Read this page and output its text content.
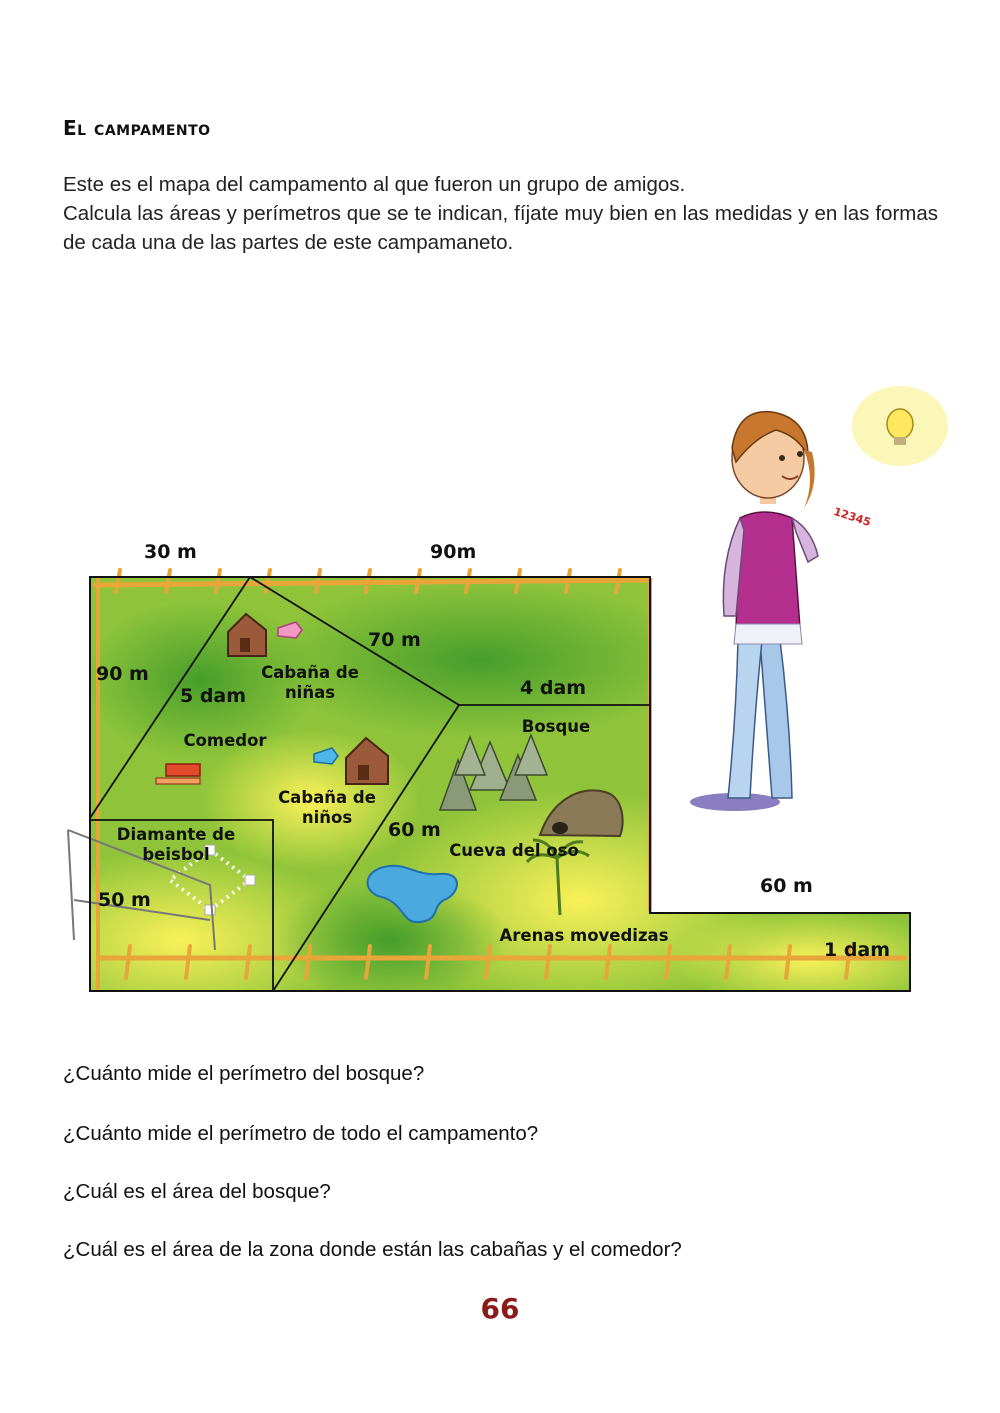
El campamento

Este es el mapa del campamento al que fueron un grupo de amigos.

Calcula las áreas y perímetros que se te indican, fíjate muy bien en las medidas y en las formas de cada una de las partes de este campamaneto.

30 m	90m
90 m
70 m
5 dam	4 dam
60 m
60 m
1 dam
50 m
Cabaña de
niñas
Comedor
Cabaña de
niños
Bosque
Cueva del oso
Diamante de
beisbol
Arenas movedizas
12345
¿Cuánto mide el perímetro del bosque?
¿Cuánto mide el perímetro de todo el campamento?
¿Cuál es el área del bosque?
¿Cuál es el área de la zona donde están las cabañas y el comedor?
66
